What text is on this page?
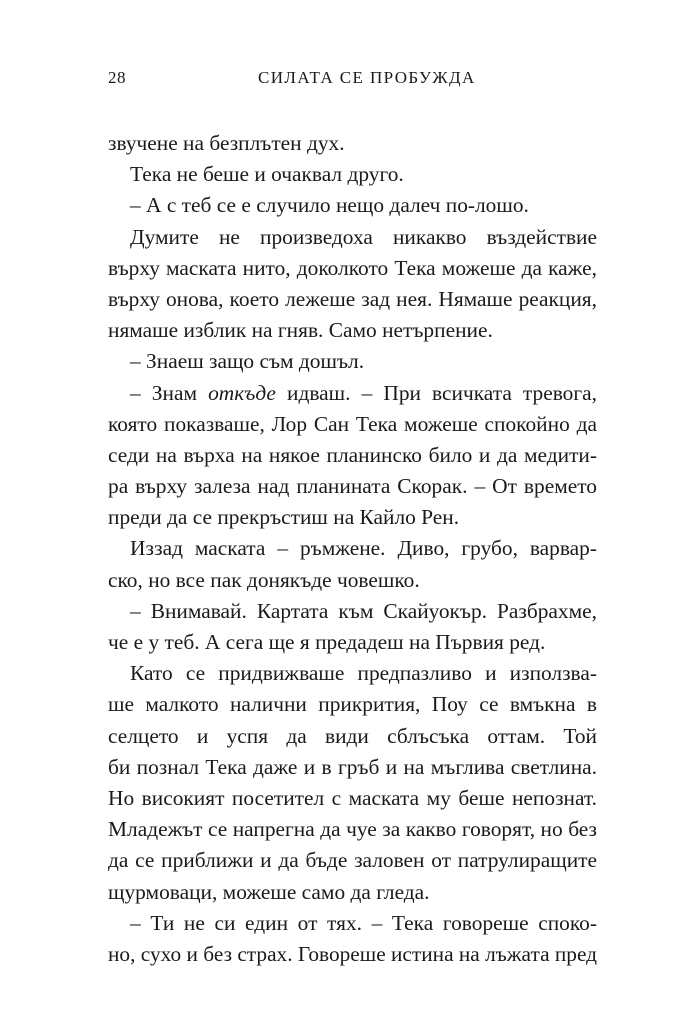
28	СИЛАТА СЕ ПРОБУЖДА
звучене на безплътен дух.
Тека не беше и очаквал друго.
– А с теб се е случило нещо далеч по-лошо.
Думите не произведоха никакво въздействие
върху маската нито, доколкото Тека можеше да каже,
върху онова, което лежеше зад нея. Нямаше реакция,
нямаше изблик на гняв. Само нетърпение.
– Знаеш защо съм дошъл.
– Знам откъде идваш. – При всичката тревога,
която показваше, Лор Сан Тека можеше спокойно да
седи на върха на някое планинско било и да медити-
ра върху залеза над планината Скорак. – От времето
преди да се прекръстиш на Кайло Рен.
Иззад маската – ръмжене. Диво, грубо, варвар-
ско, но все пак донякъде човешко.
– Внимавай. Картата към Скайуокър. Разбрахме,
че е у теб. А сега ще я предадеш на Първия ред.
Като се придвижваше предпазливо и използва-
ше малкото налични прикрития, Поу се вмъкна в
селцето и успя да види сблъсъка оттам. Той
би познал Тека даже и в гръб и на мъглива светлина.
Но високият посетител с маската му беше непознат.
Младежът се напрегна да чуе за какво говорят, но без
да се приближи и да бъде заловен от патрулиращите
щурмоваци, можеше само да гледа.
– Ти не си един от тях. – Тека говореше споко-
но, сухо и без страх. Говореше истина на лъжата пред
